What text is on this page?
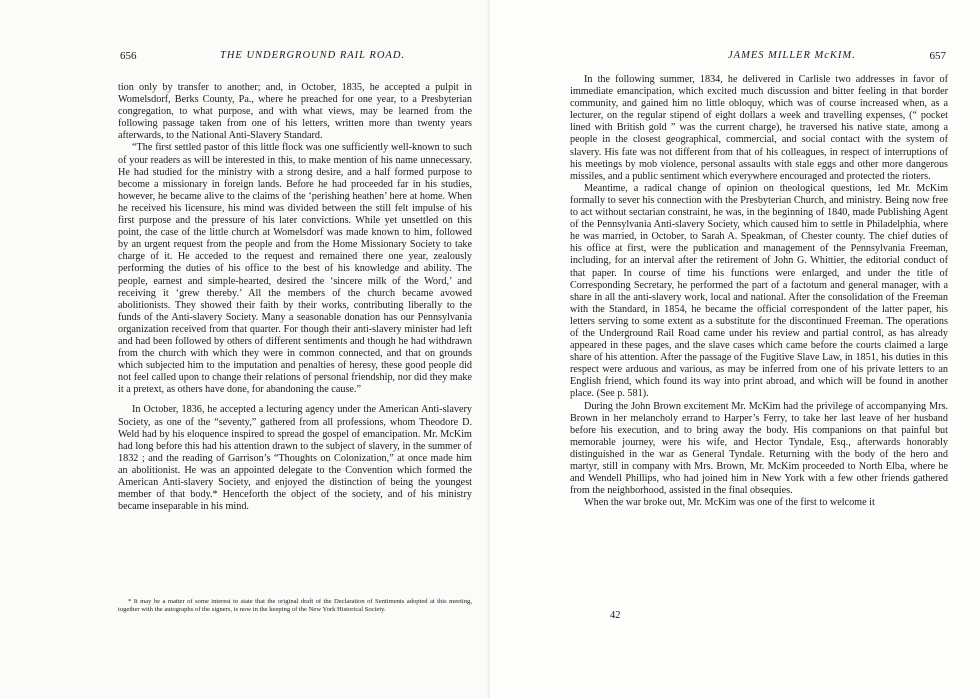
656	THE UNDERGROUND RAIL ROAD.

tion only by transfer to another; and, in October, 1835, he accepted a pulpit in Womelsdorf, Berks County, Pa., where he preached for one year, to a Presbyterian congregation, to what purpose, and with what views, may be learned from the following passage taken from one of his letters, written more than twenty years afterwards, to the National Anti-Slavery Standard.

“The first settled pastor of this little flock was one sufficiently well-known to such of your readers as will be interested in this, to make mention of his name unnecessary. He had studied for the ministry with a strong desire, and a half formed purpose to become a missionary in foreign lands. Before he had proceeded far in his studies, however, he became alive to the claims of the ‘perishing heathen’ here at home. When he received his licensure, his mind was divided between the still felt impulse of his first purpose and the pressure of his later convictions. While yet unsettled on this point, the case of the little church at Womelsdorf was made known to him, followed by an urgent request from the people and from the Home Missionary Society to take charge of it. He acceded to the request and remained there one year, zealously performing the duties of his office to the best of his knowledge and ability. The people, earnest and simple-hearted, desired the ‘sincere milk of the Word,’ and receiving it ‘grew thereby.’ All the members of the church became avowed abolitionists. They showed their faith by their works, contributing liberally to the funds of the Anti-slavery Society. Many a seasonable donation has our Pennsylvania organization received from that quarter. For though their anti-slavery minister had left and had been followed by others of different sentiments and though he had withdrawn from the church with which they were in common connected, and that on grounds which subjected him to the imputation and penalties of heresy, these good people did not feel called upon to change their relations of personal friendship, nor did they make it a pretext, as others have done, for abandoning the cause.”

In October, 1836, he accepted a lecturing agency under the American Anti-slavery Society, as one of the “seventy,” gathered from all professions, whom Theodore D. Weld had by his eloquence inspired to spread the gospel of emancipation. Mr. McKim had long before this had his attention drawn to the subject of slavery, in the summer of 1832 ; and the reading of Garrison’s “Thoughts on Colonization,” at once made him an abolitionist. He was an appointed delegate to the Convention which formed the American Anti-slavery Society, and enjoyed the distinction of being the youngest member of that body.* Henceforth the object of the society, and of his ministry became inseparable in his mind.

* It may be a matter of some interest to state that the original draft of the Declaration of Sentiments adopted at this meeting, together with the autographs of the signers, is now in the keeping of the New York Historical Society.

JAMES MILLER McKIM.	657

In the following summer, 1834, he delivered in Carlisle two addresses in favor of immediate emancipation, which excited much discussion and bitter feeling in that border community, and gained him no little obloquy, which was of course increased when, as a lecturer, on the regular stipend of eight dollars a week and travelling expenses, (“ pocket lined with British gold ” was the current charge), he traversed his native state, among a people in the closest geographical, commercial, and social contact with the system of slavery. His fate was not different from that of his colleagues, in respect of interruptions of his meetings by mob violence, personal assaults with stale eggs and other more dangerous missiles, and a public sentiment which everywhere encouraged and protected the rioters.

Meantime, a radical change of opinion on theological questions, led Mr. McKim formally to sever his connection with the Presbyterian Church, and ministry. Being now free to act without sectarian constraint, he was, in the beginning of 1840, made Publishing Agent of the Pennsylvania Anti-slavery Society, which caused him to settle in Philadelphia, where he was married, in October, to Sarah A. Speakman, of Chester county. The chief duties of his office at first, were the publication and management of the Pennsylvania Freeman, including, for an interval after the retirement of John G. Whittier, the editorial conduct of that paper. In course of time his functions were enlarged, and under the title of Corresponding Secretary, he performed the part of a factotum and general manager, with a share in all the anti-slavery work, local and national. After the consolidation of the Freeman with the Standard, in 1854, he became the official correspondent of the latter paper, his letters serving to some extent as a substitute for the discontinued Freeman. The operations of the Underground Rail Road came under his review and partial control, as has already appeared in these pages, and the slave cases which came before the courts claimed a large share of his attention. After the passage of the Fugitive Slave Law, in 1851, his duties in this respect were arduous and various, as may be inferred from one of his private letters to an English friend, which found its way into print abroad, and which will be found in another place. (See p. 581).

During the John Brown excitement Mr. McKim had the privilege of accompanying Mrs. Brown in her melancholy errand to Harper’s Ferry, to take her last leave of her husband before his execution, and to bring away the body. His companions on that painful but memorable journey, were his wife, and Hector Tyndale, Esq., afterwards honorably distinguished in the war as General Tyndale. Returning with the body of the hero and martyr, still in company with Mrs. Brown, Mr. McKim proceeded to North Elba, where he and Wendell Phillips, who had joined him in New York with a few other friends gathered from the neighborhood, assisted in the final obsequies.

When the war broke out, Mr. McKim was one of the first to welcome it

42
